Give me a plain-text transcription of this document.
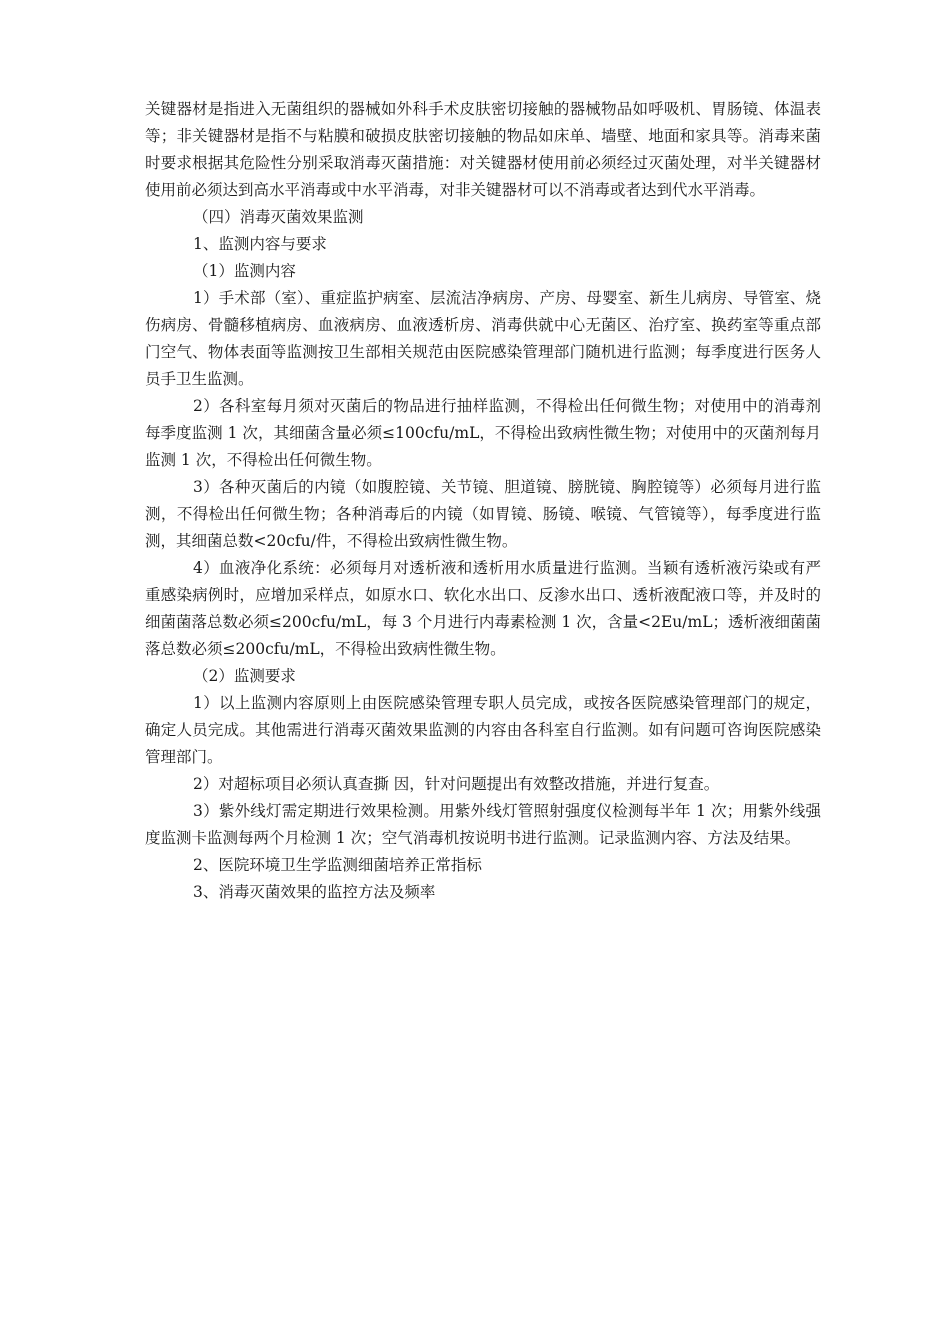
关键器材是指进入无菌组织的器械如外科手术皮肤密切接触的器械物品如呼吸机、胃肠镜、体温表等；非关键器材是指不与粘膜和破损皮肤密切接触的物品如床单、墙壁、地面和家具等。消毒来菌时要求根据其危险性分别采取消毒灭菌措施：对关键器材使用前必须经过灭菌处理，对半关键器材使用前必须达到高水平消毒或中水平消毒，对非关键器材可以不消毒或者达到代水平消毒。

（四）消毒灭菌效果监测

1、监测内容与要求

（1）监测内容

1）手术部（室）、重症监护病室、层流洁净病房、产房、母婴室、新生儿病房、导管室、烧伤病房、骨髓移植病房、血液病房、血液透析房、消毒供就中心无菌区、治疗室、换药室等重点部门空气、物体表面等监测按卫生部相关规范由医院感染管理部门随机进行监测；每季度进行医务人员手卫生监测。

2）各科室每月须对灭菌后的物品进行抽样监测，不得检出任何微生物；对使用中的消毒剂每季度监测 1 次，其细菌含量必须≤100cfu/mL，不得检出致病性微生物；对使用中的灭菌剂每月监测 1 次，不得检出任何微生物。

3）各种灭菌后的内镜（如腹腔镜、关节镜、胆道镜、膀胱镜、胸腔镜等）必须每月进行监测，不得检出任何微生物；各种消毒后的内镜（如胃镜、肠镜、喉镜、气管镜等），每季度进行监测，其细菌总数<20cfu/件，不得检出致病性微生物。

4）血液净化系统：必须每月对透析液和透析用水质量进行监测。当颖有透析液污染或有严重感染病例时，应增加采样点，如原水口、软化水出口、反渗水出口、透析液配液口等，并及时的细菌菌落总数必须≤200cfu/mL，每 3 个月进行内毒素检测 1 次，含量<2Eu/mL；透析液细菌菌落总数必须≤200cfu/mL，不得检出致病性微生物。

（2）监测要求

1）以上监测内容原则上由医院感染管理专职人员完成，或按各医院感染管理部门的规定，确定人员完成。其他需进行消毒灭菌效果监测的内容由各科室自行监测。如有问题可咨询医院感染管理部门。

2）对超标项目必须认真查撕 因，针对问题提出有效整改措施，并进行复查。

3）紫外线灯需定期进行效果检测。用紫外线灯管照射强度仪检测每半年 1 次；用紫外线强度监测卡监测每两个月检测 1 次；空气消毒机按说明书进行监测。记录监测内容、方法及结果。

2、医院环境卫生学监测细菌培养正常指标

3、消毒灭菌效果的监控方法及频率
